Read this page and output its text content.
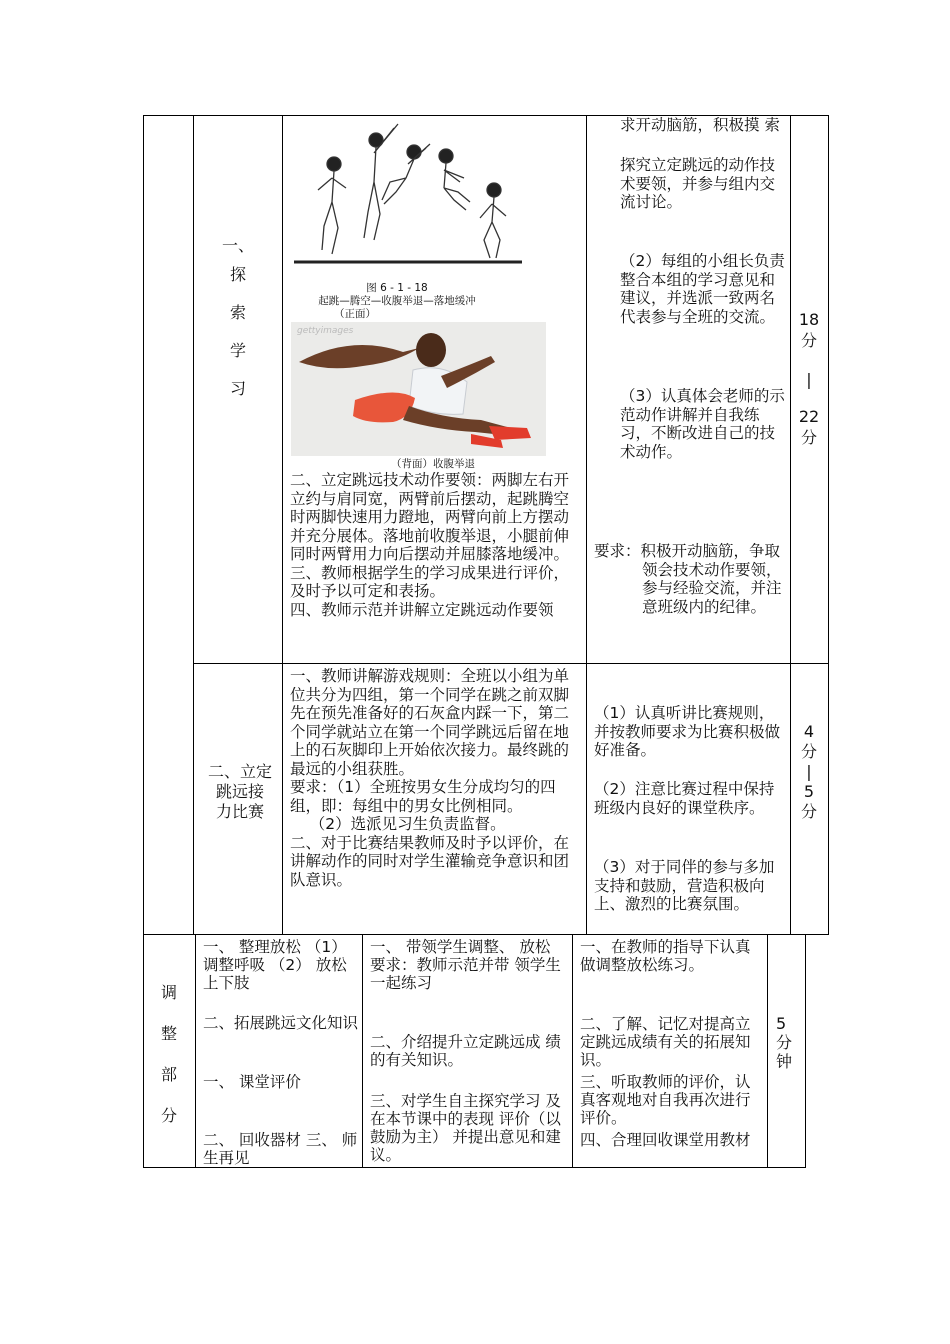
一、
探
索
学
习
图 6 - 1 - 18
起跳—腾空—收腹举退—落地缓冲
（正面）
gettyimages
（背面）收腹举退

二、立定跳远技术动作要领：两脚左右开立约与肩同宽，两臂前后摆动，起跳腾空时两脚快速用力蹬地，两臂向前上方摆动并充分展体。落地前收腹举退，小腿前伸同时两臂用力向后摆动并屈膝落地缓冲。

三、教师根据学生的学习成果进行评价，及时予以可定和表扬。

四、教师示范并讲解立定跳远动作要领

求开动脑筋，积极摸 索
探究立定跳远的动作技术要领，并参与组内交流讨论。
（2）每组的小组长负责整合本组的学习意见和建议，并选派一致两名代表参与全班的交流。
（3）认真体会老师的示范动作讲解并自我练习，不断改进自己的技术动作。
要求：积极开动脑筋，争取领会技术动作要领，参与经验交流，并注意班级内的纪律。
18
分
|
22
分
二、立定
跳远接
力比赛

一、教师讲解游戏规则：全班以小组为单位共分为四组，第一个同学在跳之前双脚先在预先准备好的石灰盒内踩一下，第二个同学就站立在第一个同学跳远后留在地上的石灰脚印上开始依次接力。最终跳的最远的小组获胜。

要求：（1）全班按男女生分成均匀的四组，即：每组中的男女比例相同。

（2）选派见习生负责监督。

二、对于比赛结果教师及时予以评价，在讲解动作的同时对学生灌输竞争意识和团队意识。

（1）认真听讲比赛规则，并按教师要求为比赛积极做好准备。
（2）注意比赛过程中保持班级内良好的课堂秩序。
（3）对于同伴的参与多加支持和鼓励，营造积极向上、激烈的比赛氛围。
4
分
|
5
分
调
整
部
分
一、 整理放松 （1） 调整呼吸 （2） 放松上下肢
二、拓展跳远文化知识
一、 课堂评价
二、 回收器材 三、 师生再见
一、 带领学生调整、 放松 要求：教师示范并带 领学生一起练习
二、介绍提升立定跳远成 绩的有关知识。
三、对学生自主探究学习 及在本节课中的表现 评价（以鼓励为主） 并提出意见和建议。
一、在教师的指导下认真做调整放松练习。
二、了解、记忆对提高立定跳远成绩有关的拓展知识。
三、听取教师的评价，认真客观地对自我再次进行评价。
四、合理回收课堂用教材
5
分
钟
